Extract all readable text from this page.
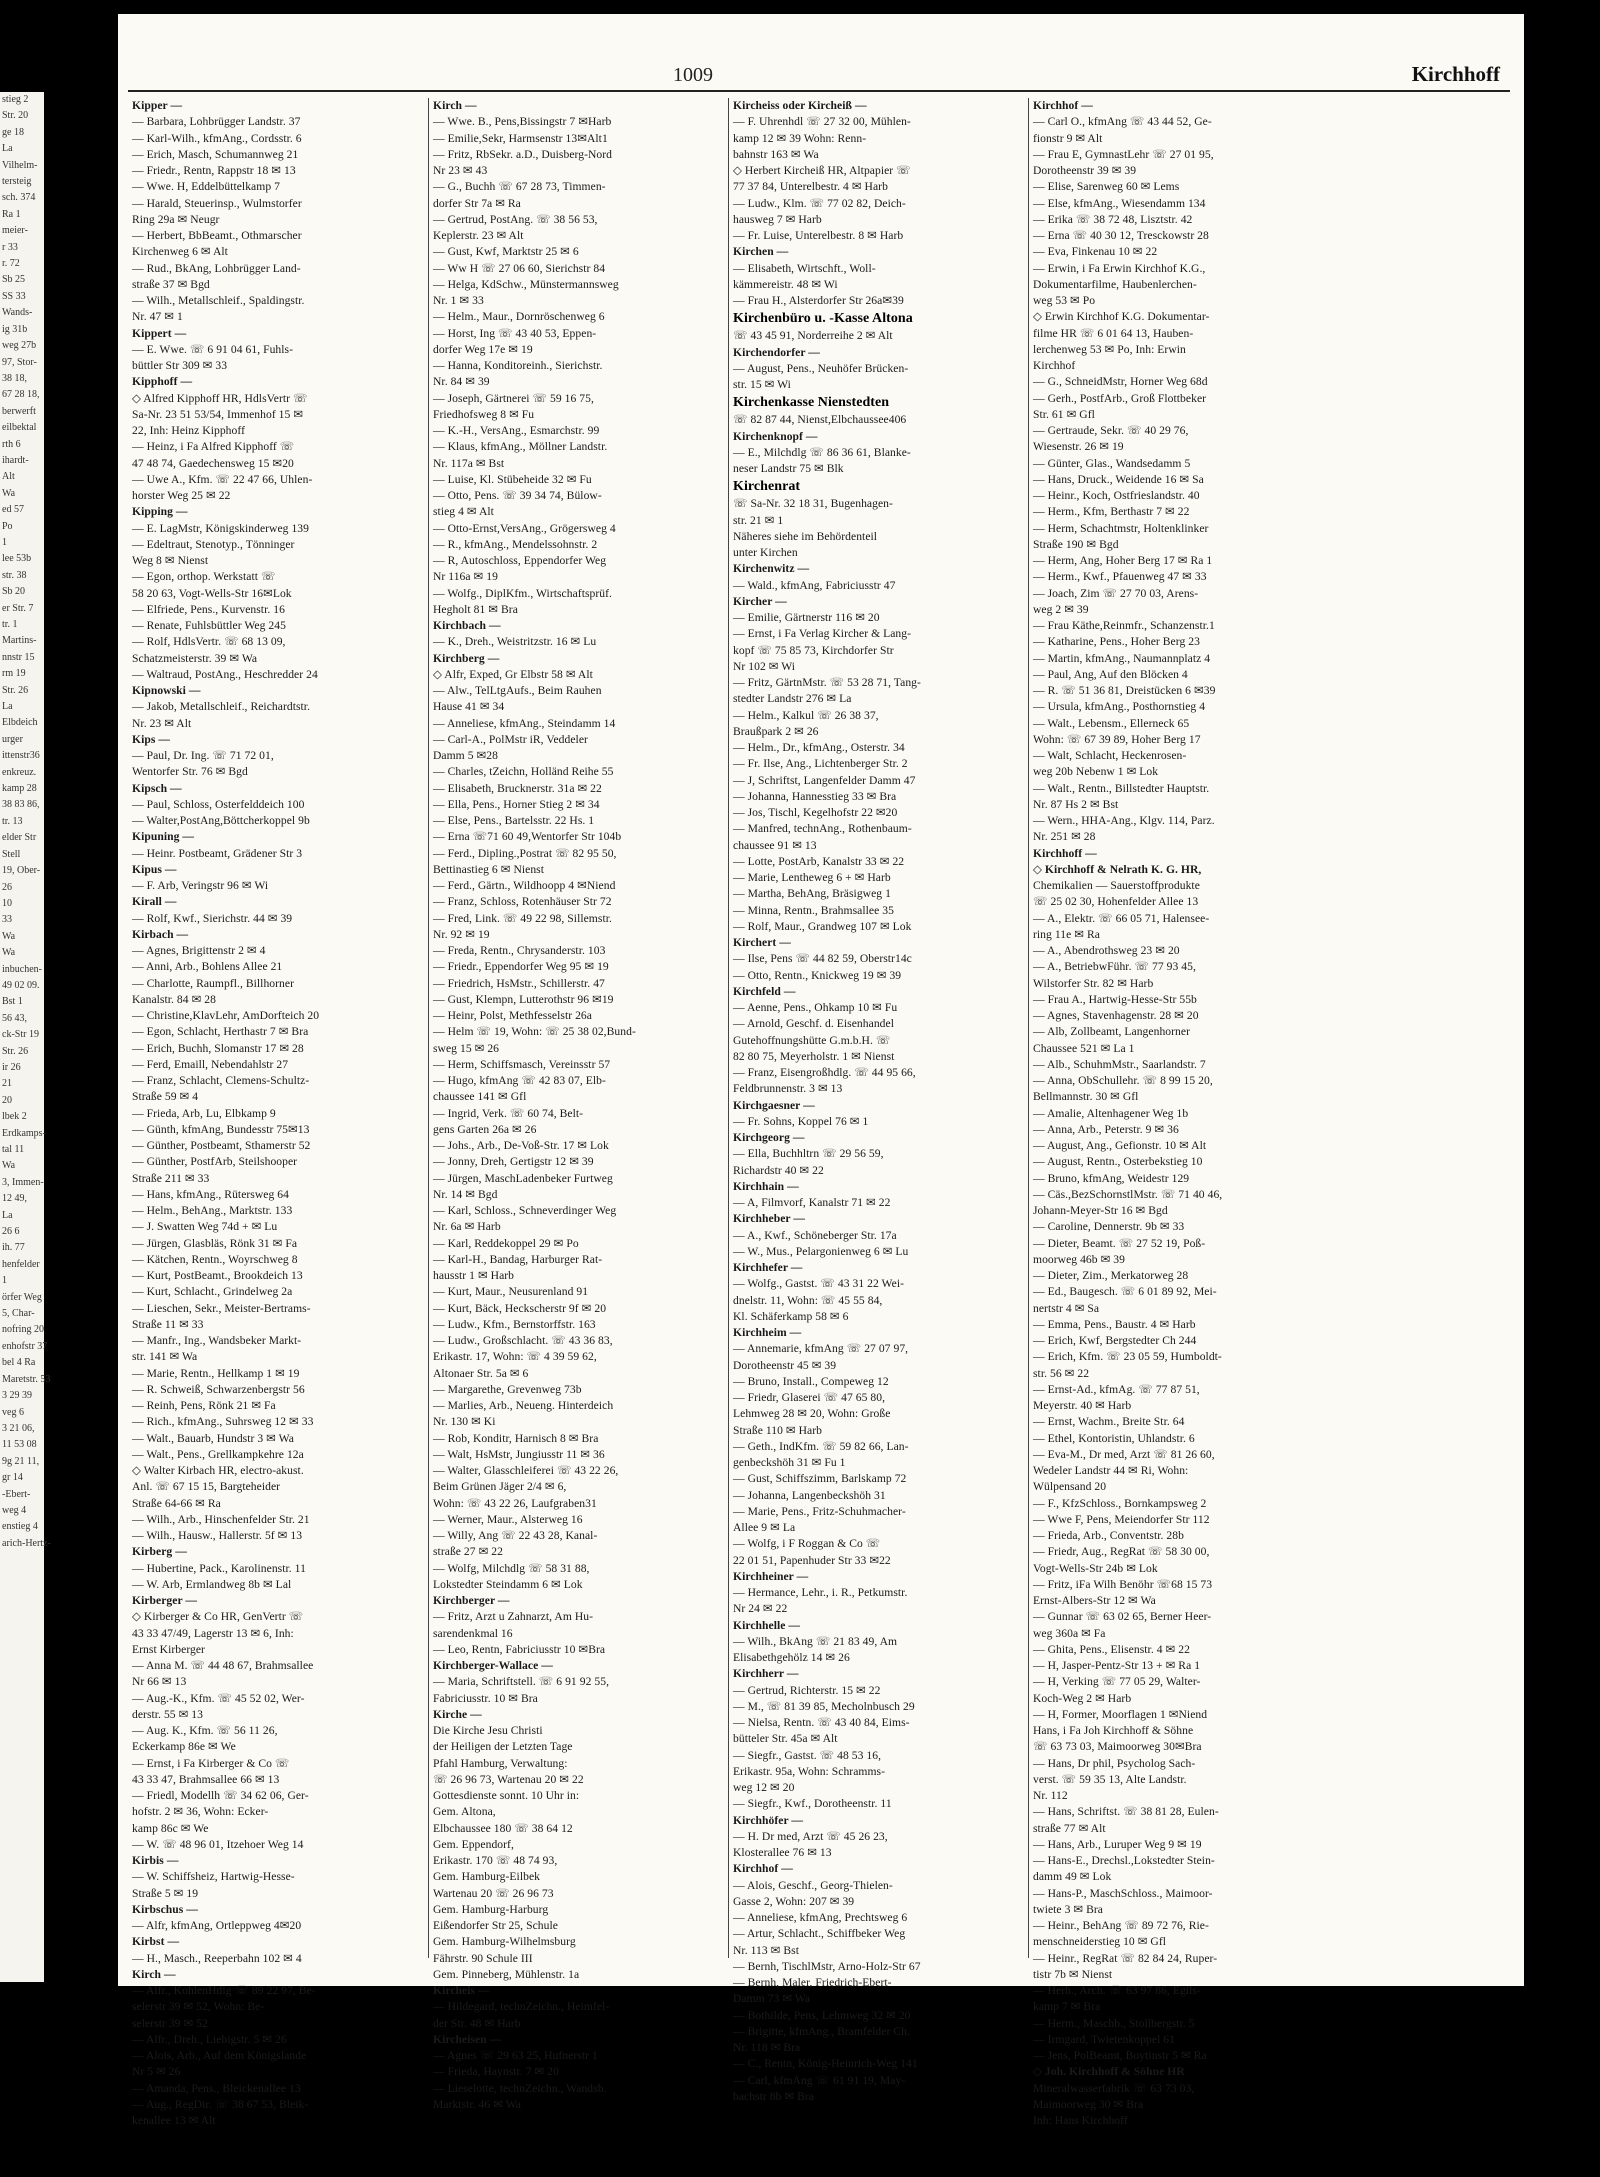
stieg 2
Str. 20
ge 18
La
Vilhelm-
tersteig
sch. 374
Ra 1
meier-
r 33
r. 72
Sb 25
SS 33
Wands-
ig 31b
weg 27b
97, Stor-
38 18,
67 28 18,
berwerft
eilbektal
rth 6
ihardt-
Alt
Wa
ed 57
Po
1
lee 53b
str. 38
Sb 20
er Str. 7
tr. 1
Martins-
nnstr 15
rm 19
Str. 26
La
Elbdeich
urger
ittenstr36
enkreuz.
kamp 28
38 83 86,
tr. 13
elder Str
Stell
19, Ober-
26
10
33
Wa
Wa
inbuchen-
49 02 09.
Bst 1
56 43,
ck-Str 19
Str. 26
ir 26
21
20
lbek 2
Erdkamps-
tal 11
Wa
3, Immen-
12 49,
La
26 6
ih. 77
henfelder
1
örfer Weg
5, Char-
nofring 20
enhofstr 37
bel 4 Ra
Maretstr. 53
3 29 39
veg 6
3 21 06,
11 53 08
9g 21 11,
gr 14
-Ebert-
weg 4
enstieg 4
arich-Hertz-
1009	Kirchhoff
Kipper —
— Barbara, Lohbrügger Landstr. 37
— Karl-Wilh., kfmAng., Cordsstr. 6
— Erich, Masch, Schumannweg 21
— Friedr., Rentn, Rappstr 18 ✉ 13
— Wwe. H, Eddelbüttelkamp 7
— Harald, Steuerinsp., Wulmstorfer
Ring 29a ✉ Neugr
— Herbert, BbBeamt., Othmarscher
Kirchenweg 6 ✉ Alt
— Rud., BkAng, Lohbrügger Land-
straße 37 ✉ Bgd
— Wilh., Metallschleif., Spaldingstr.
Nr. 47 ✉ 1
Kippert —
— E. Wwe. ☏ 6 91 04 61, Fuhls-
büttler Str 309 ✉ 33
Kipphoff —
◇ Alfred Kipphoff HR, HdlsVertr ☏
Sa-Nr. 23 51 53/54, Immenhof 15 ✉
22, Inh: Heinz Kipphoff
— Heinz, i Fa Alfred Kipphoff ☏
47 48 74, Gaedechensweg 15 ✉20
— Uwe A., Kfm. ☏ 22 47 66, Uhlen-
horster Weg 25 ✉ 22
Kipping —
— E. LagMstr, Königskinderweg 139
— Edeltraut, Stenotyp., Tönninger
Weg 8 ✉ Nienst
— Egon, orthop. Werkstatt ☏
58 20 63, Vogt-Wells-Str 16✉Lok
— Elfriede, Pens., Kurvenstr. 16
— Renate, Fuhlsbüttler Weg 245
— Rolf, HdlsVertr. ☏ 68 13 09,
Schatzmeisterstr. 39 ✉ Wa
— Waltraud, PostAng., Heschredder 24
Kipnowski —
— Jakob, Metallschleif., Reichardtstr.
Nr. 23 ✉ Alt
Kips —
— Paul, Dr. Ing. ☏ 71 72 01,
Wentorfer Str. 76 ✉ Bgd
Kipsch —
— Paul, Schloss, Osterfelddeich 100
— Walter,PostAng,Böttcherkoppel 9b
Kipuning —
— Heinr. Postbeamt, Grädener Str 3
Kipus —
— F. Arb, Veringstr 96 ✉ Wi
Kirall —
— Rolf, Kwf., Sierichstr. 44 ✉ 39
Kirbach —
— Agnes, Brigittenstr 2 ✉ 4
— Anni, Arb., Bohlens Allee 21
— Charlotte, Raumpfl., Billhorner
Kanalstr. 84 ✉ 28
— Christine,KlavLehr, AmDorfteich 20
— Egon, Schlacht, Herthastr 7 ✉ Bra
— Erich, Buchh, Slomanstr 17 ✉ 28
— Ferd, Emaill, Nebendahlstr 27
— Franz, Schlacht, Clemens-Schultz-
Straße 59 ✉ 4
— Frieda, Arb, Lu, Elbkamp 9
— Günth, kfmAng, Bundesstr 75✉13
— Günther, Postbeamt, Sthamerstr 52
— Günther, PostfArb, Steilshooper
Straße 211 ✉ 33
— Hans, kfmAng., Rütersweg 64
— Helm., BehAng., Marktstr. 133
— J. Swatten Weg 74d + ✉ Lu
— Jürgen, Glasbläs, Rönk 31 ✉ Fa
— Kätchen, Rentn., Woyrschweg 8
— Kurt, PostBeamt., Brookdeich 13
— Kurt, Schlacht., Grindelweg 2a
— Lieschen, Sekr., Meister-Bertrams-
Straße 11 ✉ 33
— Manfr., Ing., Wandsbeker Markt-
str. 141 ✉ Wa
— Marie, Rentn., Hellkamp 1 ✉ 19
— R. Schweiß, Schwarzenbergstr 56
— Reinh, Pens, Rönk 21 ✉ Fa
— Rich., kfmAng., Suhrsweg 12 ✉ 33
— Walt., Bauarb, Hundstr 3 ✉ Wa
— Walt., Pens., Grellkampkehre 12a
◇ Walter Kirbach HR, electro-akust.
Anl. ☏ 67 15 15, Bargteheider
Straße 64-66 ✉ Ra
— Wilh., Arb., Hinschenfelder Str. 21
— Wilh., Hausw., Hallerstr. 5f ✉ 13
Kirberg —
— Hubertine, Pack., Karolinenstr. 11
— W. Arb, Ermlandweg 8b ✉ Lal
Kirberger —
◇ Kirberger & Co HR, GenVertr ☏
43 33 47/49, Lagerstr 13 ✉ 6, Inh:
Ernst Kirberger
— Anna M. ☏ 44 48 67, Brahmsallee
Nr 66 ✉ 13
— Aug.-K., Kfm. ☏ 45 52 02, Wer-
derstr. 55 ✉ 13
— Aug. K., Kfm. ☏ 56 11 26,
Eckerkamp 86e ✉ We
— Ernst, i Fa Kirberger & Co ☏
43 33 47, Brahmsallee 66 ✉ 13
— Friedl, Modellh ☏ 34 62 06, Ger-
hofstr. 2 ✉ 36, Wohn: Ecker-
kamp 86c ✉ We
— W. ☏ 48 96 01, Itzehoer Weg 14
Kirbis —
— W. Schiffsheiz, Hartwig-Hesse-
Straße 5 ✉ 19
Kirbschus —
— Alfr, kfmAng, Ortleppweg 4✉20
Kirbst —
— H., Masch., Reeperbahn 102 ✉ 4
Kirch —
— Alfr., KohlenHdlg ☏ 89 22 97, Be-
selerstr 39 ✉ 52, Wohn: Be-
selerstr 39 ✉ 52
— Alfr., Dreh., Liebigstr. 5 ✉ 26
— Alois, Arb., Auf dem Königslande
Nr 5 ✉ 26
— Amanda, Pens., Bleickenallee 13
— Aug., RegDir. ☏ 38 67 53, Bleik-
kenallee 13 ✉ Alt
Kirch —
— Wwe. B., Pens,Bissingstr 7 ✉Harb
— Emilie,Sekr, Harmsenstr 13✉Alt1
— Fritz, RbSekr. a.D., Duisberg-Nord
Nr 23 ✉ 43
— G., Buchh ☏ 67 28 73, Timmen-
dorfer Str 7a ✉ Ra
— Gertrud, PostAng. ☏ 38 56 53,
Keplerstr. 23 ✉ Alt
— Gust, Kwf, Marktstr 25 ✉ 6
— Ww H ☏ 27 06 60, Sierichstr 84
— Helga, KdSchw., Münstermannsweg
Nr. 1 ✉ 33
— Helm., Maur., Dornröschenweg 6
— Horst, Ing ☏ 43 40 53, Eppen-
dorfer Weg 17e ✉ 19
— Hanna, Konditoreinh., Sierichstr.
Nr. 84 ✉ 39
— Joseph, Gärtnerei ☏ 59 16 75,
Friedhofsweg 8 ✉ Fu
— K.-H., VersAng., Esmarchstr. 99
— Klaus, kfmAng., Möllner Landstr.
Nr. 117a ✉ Bst
— Luise, Kl. Stübeheide 32 ✉ Fu
— Otto, Pens. ☏ 39 34 74, Bülow-
stieg 4 ✉ Alt
— Otto-Ernst,VersAng., Grögersweg 4
— R., kfmAng., Mendelssohnstr. 2
— R, Autoschloss, Eppendorfer Weg
Nr 116a ✉ 19
— Wolfg., DiplKfm., Wirtschaftsprüf.
Hegholt 81 ✉ Bra
Kirchbach —
— K., Dreh., Weistritzstr. 16 ✉ Lu
Kirchberg —
◇ Alfr, Exped, Gr Elbstr 58 ✉ Alt
— Alw., TelLtgAufs., Beim Rauhen
Hause 41 ✉ 34
— Anneliese, kfmAng., Steindamm 14
— Carl-A., PolMstr iR, Veddeler
Damm 5 ✉28
— Charles, tZeichn, Holländ Reihe 55
— Elisabeth, Brucknerstr. 31a ✉ 22
— Ella, Pens., Horner Stieg 2 ✉ 34
— Else, Pens., Bartelsstr. 22 Hs. 1
— Erna ☏71 60 49,Wentorfer Str 104b
— Ferd., Dipling.,Postrat ☏ 82 95 50,
Bettinastieg 6 ✉ Nienst
— Ferd., Gärtn., Wildhoopp 4 ✉Niend
— Franz, Schloss, Rotenhäuser Str 72
— Fred, Link. ☏ 49 22 98, Sillemstr.
Nr. 92 ✉ 19
— Freda, Rentn., Chrysanderstr. 103
— Friedr., Eppendorfer Weg 95 ✉ 19
— Friedrich, HsMstr., Schillerstr. 47
— Gust, Klempn, Lutterothstr 96 ✉19
— Heinr, Polst, Methfesselstr 26a
— Helm ☏ 19, Wohn: ☏ 25 38 02,Bund-
sweg 15 ✉ 26
— Herm, Schiffsmasch, Vereinsstr 57
— Hugo, kfmAng ☏ 42 83 07, Elb-
chaussee 141 ✉ Gfl
— Ingrid, Verk. ☏ 60 74, Belt-
gens Garten 26a ✉ 26
— Johs., Arb., De-Voß-Str. 17 ✉ Lok
— Jonny, Dreh, Gertigstr 12 ✉ 39
— Jürgen, MaschLadenbeker Furtweg
Nr. 14 ✉ Bgd
— Karl, Schloss., Schneverdinger Weg
Nr. 6a ✉ Harb
— Karl, Reddekoppel 29 ✉ Po
— Karl-H., Bandag, Harburger Rat-
hausstr 1 ✉ Harb
— Kurt, Maur., Neusurenland 91
— Kurt, Bäck, Heckscherstr 9f ✉ 20
— Ludw., Kfm., Bernstorffstr. 163
— Ludw., Großschlacht. ☏ 43 36 83,
Erikastr. 17, Wohn: ☏ 4 39 59 62,
Altonaer Str. 5a ✉ 6
— Margarethe, Grevenweg 73b
— Marlies, Arb., Neueng. Hinterdeich
Nr. 130 ✉ Ki
— Rob, Konditr, Harnisch 8 ✉ Bra
— Walt, HsMstr, Jungiusstr 11 ✉ 36
— Walter, Glasschleiferei ☏ 43 22 26,
Beim Grünen Jäger 2/4 ✉ 6,
Wohn: ☏ 43 22 26, Laufgraben31
— Werner, Maur., Alsterweg 16
— Willy, Ang ☏ 22 43 28, Kanal-
straße 27 ✉ 22
— Wolfg, Milchdlg ☏ 58 31 88,
Lokstedter Steindamm 6 ✉ Lok
Kirchberger —
— Fritz, Arzt u Zahnarzt, Am Hu-
sarendenkmal 16
— Leo, Rentn, Fabriciusstr 10 ✉Bra
Kirchberger-Wallace —
— Maria, Schriftstell. ☏ 6 91 92 55,
Fabriciusstr. 10 ✉ Bra
Kirche —
Die Kirche Jesu Christi
der Heiligen der Letzten Tage
Pfahl Hamburg, Verwaltung:
☏ 26 96 73, Wartenau 20 ✉ 22
Gottesdienste sonnt. 10 Uhr in:
Gem. Altona,
Elbchaussee 180 ☏ 38 64 12
Gem. Eppendorf,
Erikastr. 170 ☏ 48 74 93,
Gem. Hamburg-Eilbek
Wartenau 20 ☏ 26 96 73
Gem. Hamburg-Harburg
Eißendorfer Str 25, Schule
Gem. Hamburg-Wilhelmsburg
Fährstr. 90 Schule III
Gem. Pinneberg, Mühlenstr. 1a
Kircheis —
— Hildegard, technZeichn., Heimfel-
der Str. 48 ✉ Harb
Kircheisen —
— Agnes ☏ 29 63 25, Hufnerstr 1
— Frieda, Haynstr. 7 ✉ 20
— Lieselotte, technZeichn., Wandsb.
Marktstr. 46 ✉ Wa
Kircheiss oder Kircheiß —
— F. Uhrenhdl ☏ 27 32 00, Mühlen-
kamp 12 ✉ 39 Wohn: Renn-
bahnstr 163 ✉ Wa
◇ Herbert Kircheiß HR, Altpapier ☏
77 37 84, Unterelbestr. 4 ✉ Harb
— Ludw., Klm. ☏ 77 02 82, Deich-
hausweg 7 ✉ Harb
— Fr. Luise, Unterelbestr. 8 ✉ Harb
Kirchen —
— Elisabeth, Wirtschft., Woll-
kämmereistr. 48 ✉ Wi
— Frau H., Alsterdorfer Str 26a✉39
Kirchenbüro u. -Kasse Altona
☏ 43 45 91, Norderreihe 2 ✉ Alt
Kirchendorfer —
— August, Pens., Neuhöfer Brücken-
str. 15 ✉ Wi
Kirchenkasse Nienstedten
☏ 82 87 44, Nienst,Elbchaussee406
Kirchenknopf —
— E., Milchdlg ☏ 86 36 61, Blanke-
neser Landstr 75 ✉ Blk
Kirchenrat
☏ Sa-Nr. 32 18 31, Bugenhagen-
str. 21 ✉ 1
Näheres siehe im Behördenteil
unter Kirchen
Kirchenwitz —
— Wald., kfmAng, Fabriciusstr 47
Kircher —
— Emilie, Gärtnerstr 116 ✉ 20
— Ernst, i Fa Verlag Kircher & Lang-
kopf ☏ 75 85 73, Kirchdorfer Str
Nr 102 ✉ Wi
— Fritz, GärtnMstr. ☏ 53 28 71, Tang-
stedter Landstr 276 ✉ La
— Helm., Kalkul ☏ 26 38 37,
Braußpark 2 ✉ 26
— Helm., Dr., kfmAng., Osterstr. 34
— Fr. Ilse, Ang., Lichtenberger Str. 2
— J, Schriftst, Langenfelder Damm 47
— Johanna, Hannesstieg 33 ✉ Bra
— Jos, Tischl, Kegelhofstr 22 ✉20
— Manfred, technAng., Rothenbaum-
chaussee 91 ✉ 13
— Lotte, PostArb, Kanalstr 33 ✉ 22
— Marie, Lentheweg 6 + ✉ Harb
— Martha, BehAng, Bräsigweg 1
— Minna, Rentn., Brahmsallee 35
— Rolf, Maur., Grandweg 107 ✉ Lok
Kirchert —
— Ilse, Pens ☏ 44 82 59, Oberstr14c
— Otto, Rentn., Knickweg 19 ✉ 39
Kirchfeld —
— Aenne, Pens., Ohkamp 10 ✉ Fu
— Arnold, Geschf. d. Eisenhandel
Gutehoffnungshütte G.m.b.H. ☏
82 80 75, Meyerholstr. 1 ✉ Nienst
— Franz, Eisengroßhdlg. ☏ 44 95 66,
Feldbrunnenstr. 3 ✉ 13
Kirchgaesner —
— Fr. Sohns, Koppel 76 ✉ 1
Kirchgeorg —
— Ella, Buchhltrn ☏ 29 56 59,
Richardstr 40 ✉ 22
Kirchhain —
— A, Filmvorf, Kanalstr 71 ✉ 22
Kirchheber —
— A., Kwf., Schöneberger Str. 17a
— W., Mus., Pelargonienweg 6 ✉ Lu
Kirchhefer —
— Wolfg., Gastst. ☏ 43 31 22 Wei-
dnelstr. 11, Wohn: ☏ 45 55 84,
Kl. Schäferkamp 58 ✉ 6
Kirchheim —
— Annemarie, kfmAng ☏ 27 07 97,
Dorotheenstr 45 ✉ 39
— Bruno, Install., Compeweg 12
— Friedr, Glaserei ☏ 47 65 80,
Lehmweg 28 ✉ 20, Wohn: Große
Straße 110 ✉ Harb
— Geth., IndKfm. ☏ 59 82 66, Lan-
genbeckshöh 31 ✉ Fu 1
— Gust, Schiffszimm, Barlskamp 72
— Johanna, Langenbeckshöh 31
— Marie, Pens., Fritz-Schuhmacher-
Allee 9 ✉ La
— Wolfg, i F Roggan & Co ☏
22 01 51, Papenhuder Str 33 ✉22
Kirchheiner —
— Hermance, Lehr., i. R., Petkumstr.
Nr 24 ✉ 22
Kirchhelle —
— Wilh., BkAng ☏ 21 83 49, Am
Elisabethgehölz 14 ✉ 26
Kirchherr —
— Gertrud, Richterstr. 15 ✉ 22
— M., ☏ 81 39 85, Mecholnbusch 29
— Nielsa, Rentn. ☏ 43 40 84, Eims-
bütteler Str. 45a ✉ Alt
— Siegfr., Gastst. ☏ 48 53 16,
Erikastr. 95a, Wohn: Schramms-
weg 12 ✉ 20
— Siegfr., Kwf., Dorotheenstr. 11
Kirchhöfer —
— H. Dr med, Arzt ☏ 45 26 23,
Klosterallee 76 ✉ 13
Kirchhof —
— Alois, Geschf., Georg-Thielen-
Gasse 2, Wohn: 207 ✉ 39
— Anneliese, kfmAng, Prechtsweg 6
— Artur, Schlacht., Schiffbeker Weg
Nr. 113 ✉ Bst
— Bernh, TischlMstr, Arno-Holz-Str 67
— Bernh, Maler, Friedrich-Ebert-
Damm 73 ✉ Wa
— Bothilde, Pens, Lehmweg 32 ✉ 20
— Brigitte, kfmAng., Bramfelder Ch.
Nr. 118 ✉ Bra
— C., Rentn, König-Heinrich-Weg 141
— Carl, kfmAng ☏ 61 91 19, May-
bachstr 8b ✉ Bra
Kirchhof —
— Carl O., kfmAng ☏ 43 44 52, Ge-
fionstr 9 ✉ Alt
— Frau E, GymnastLehr ☏ 27 01 95,
Dorotheenstr 39 ✉ 39
— Elise, Sarenweg 60 ✉ Lems
— Else, kfmAng., Wiesendamm 134
— Erika ☏ 38 72 48, Lisztstr. 42
— Erna ☏ 40 30 12, Tresckowstr 28
— Eva, Finkenau 10 ✉ 22
— Erwin, i Fa Erwin Kirchhof K.G.,
Dokumentarfilme, Haubenlerchen-
weg 53 ✉ Po
◇ Erwin Kirchhof K.G. Dokumentar-
filme HR ☏ 6 01 64 13, Hauben-
lerchenweg 53 ✉ Po, Inh: Erwin
Kirchhof
— G., SchneidMstr, Horner Weg 68d
— Gerh., PostfArb., Groß Flottbeker
Str. 61 ✉ Gfl
— Gertraude, Sekr. ☏ 40 29 76,
Wiesenstr. 26 ✉ 19
— Günter, Glas., Wandsedamm 5
— Hans, Druck., Weidende 16 ✉ Sa
— Heinr., Koch, Ostfrieslandstr. 40
— Herm., Kfm, Berthastr 7 ✉ 22
— Herm, Schachtmstr, Holtenklinker
Straße 190 ✉ Bgd
— Herm, Ang, Hoher Berg 17 ✉ Ra 1
— Herm., Kwf., Pfauenweg 47 ✉ 33
— Joach, Zim ☏ 27 70 03, Arens-
weg 2 ✉ 39
— Frau Käthe,Reinmfr., Schanzenstr.1
— Katharine, Pens., Hoher Berg 23
— Martin, kfmAng., Naumannplatz 4
— Paul, Ang, Auf den Blöcken 4
— R. ☏ 51 36 81, Dreistücken 6 ✉39
— Ursula, kfmAng., Posthornstieg 4
— Walt., Lebensm., Ellerneck 65
Wohn: ☏ 67 39 89, Hoher Berg 17
— Walt, Schlacht, Heckenrosen-
weg 20b Nebenw 1 ✉ Lok
— Walt., Rentn., Billstedter Hauptstr.
Nr. 87 Hs 2 ✉ Bst
— Wern., HHA-Ang., Klgv. 114, Parz.
Nr. 251 ✉ 28
Kirchhoff —
◇ Kirchhoff & Nelrath K. G. HR,
Chemikalien — Sauerstoffprodukte
☏ 25 02 30, Hohenfelder Allee 13
— A., Elektr. ☏ 66 05 71, Halensee-
ring 11e ✉ Ra
— A., Abendrothsweg 23 ✉ 20
— A., BetriebwFühr. ☏ 77 93 45,
Wilstorfer Str. 82 ✉ Harb
— Frau A., Hartwig-Hesse-Str 55b
— Agnes, Stavenhagenstr. 28 ✉ 20
— Alb, Zollbeamt, Langenhorner
Chaussee 521 ✉ La 1
— Alb., SchuhmMstr., Saarlandstr. 7
— Anna, ObSchullehr. ☏ 8 99 15 20,
Bellmannstr. 30 ✉ Gfl
— Amalie, Altenhagener Weg 1b
— Anna, Arb., Peterstr. 9 ✉ 36
— August, Ang., Gefionstr. 10 ✉ Alt
— August, Rentn., Osterbekstieg 10
— Bruno, kfmAng, Weidestr 129
— Cäs.,BezSchornstlMstr. ☏ 71 40 46,
Johann-Meyer-Str 16 ✉ Bgd
— Caroline, Dennerstr. 9b ✉ 33
— Dieter, Beamt. ☏ 27 52 19, Poß-
moorweg 46b ✉ 39
— Dieter, Zim., Merkatorweg 28
— Ed., Baugesch. ☏ 6 01 89 92, Mei-
nertstr 4 ✉ Sa
— Emma, Pens., Baustr. 4 ✉ Harb
— Erich, Kwf, Bergstedter Ch 244
— Erich, Kfm. ☏ 23 05 59, Humboldt-
str. 56 ✉ 22
— Ernst-Ad., kfmAg. ☏ 77 87 51,
Meyerstr. 40 ✉ Harb
— Ernst, Wachm., Breite Str. 64
— Ethel, Kontoristin, Uhlandstr. 6
— Eva-M., Dr med, Arzt ☏ 81 26 60,
Wedeler Landstr 44 ✉ Ri, Wohn:
Wülpensand 20
— F., KfzSchloss., Bornkampsweg 2
— Wwe F, Pens, Meiendorfer Str 112
— Frieda, Arb., Conventstr. 28b
— Friedr, Aug., RegRat ☏ 58 30 00,
Vogt-Wells-Str 24b ✉ Lok
— Fritz, iFa Wilh Benöhr ☏68 15 73
Ernst-Albers-Str 12 ✉ Wa
— Gunnar ☏ 63 02 65, Berner Heer-
weg 360a ✉ Fa
— Ghita, Pens., Elisenstr. 4 ✉ 22
— H, Jasper-Pentz-Str 13 + ✉ Ra 1
— H, Verking ☏ 77 05 29, Walter-
Koch-Weg 2 ✉ Harb
— H, Former, Moorflagen 1 ✉Niend
Hans, i Fa Joh Kirchhoff & Söhne
☏ 63 73 03, Maimoorweg 30✉Bra
— Hans, Dr phil, Psycholog Sach-
verst. ☏ 59 35 13, Alte Landstr.
Nr. 112
— Hans, Schriftst. ☏ 38 81 28, Eulen-
straße 77 ✉ Alt
— Hans, Arb., Luruper Weg 9 ✉ 19
— Hans-E., Drechsl.,Lokstedter Stein-
damm 49 ✉ Lok
— Hans-P., MaschSchloss., Maimoor-
twiete 3 ✉ Bra
— Heinr., BehAng ☏ 89 72 76, Rie-
menschneiderstieg 10 ✉ Gfl
— Heinr., RegRat ☏ 82 84 24, Ruper-
tistr 7b ✉ Nienst
— Herb., Arch. ☏ 63 97 86, Egils-
kamp 7 ✉ Bra
— Herm., Maschb., Stollbergstr. 5
— Irmgard, Twietenkoppel 61
— Jens, PolBeamt, Boytinstr 5 ✉ Ra
◇ Joh. Kirchhoff & Söhne HR
Mineralwasserfabrik ☏ 63 73 03,
Maimoorweg 30 ✉ Bra
Inh: Hans Kirchhoff
